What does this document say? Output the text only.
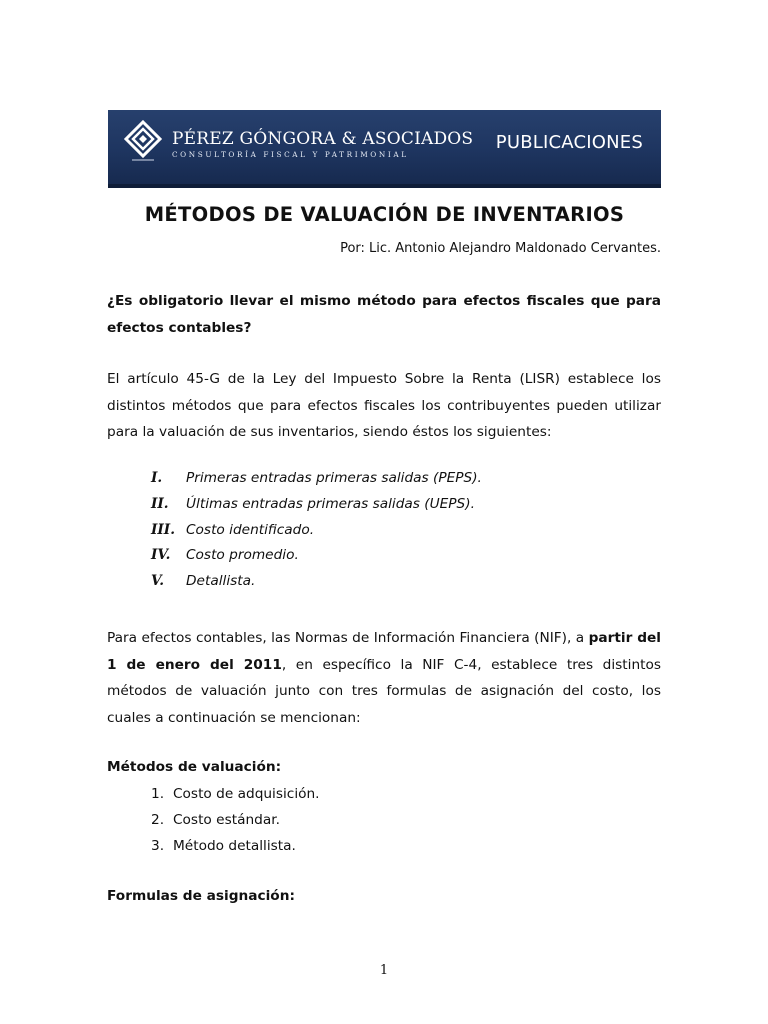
PÉREZ GÓNGORA & ASOCIADOS
CONSULTORÍA FISCAL Y PATRIMONIAL
PUBLICACIONES
MÉTODOS DE VALUACIÓN DE INVENTARIOS
Por: Lic. Antonio Alejandro Maldonado Cervantes.
¿Es obligatorio llevar el mismo método para efectos fiscales que para efectos contables?
El artículo 45-G de la Ley del Impuesto Sobre la Renta (LISR) establece los distintos métodos que para efectos fiscales los contribuyentes pueden utilizar para la valuación de sus inventarios, siendo éstos los siguientes:
I. Primeras entradas primeras salidas (PEPS).
II. Últimas entradas primeras salidas (UEPS).
III. Costo identificado.
IV. Costo promedio.
V. Detallista.
Para efectos contables, las Normas de Información Financiera (NIF), a partir del 1 de enero del 2011, en específico la NIF C-4, establece tres distintos métodos de valuación junto con tres formulas de asignación del costo, los cuales a continuación se mencionan:
Métodos de valuación:
1. Costo de adquisición.
2. Costo estándar.
3. Método detallista.
Formulas de asignación:
1
